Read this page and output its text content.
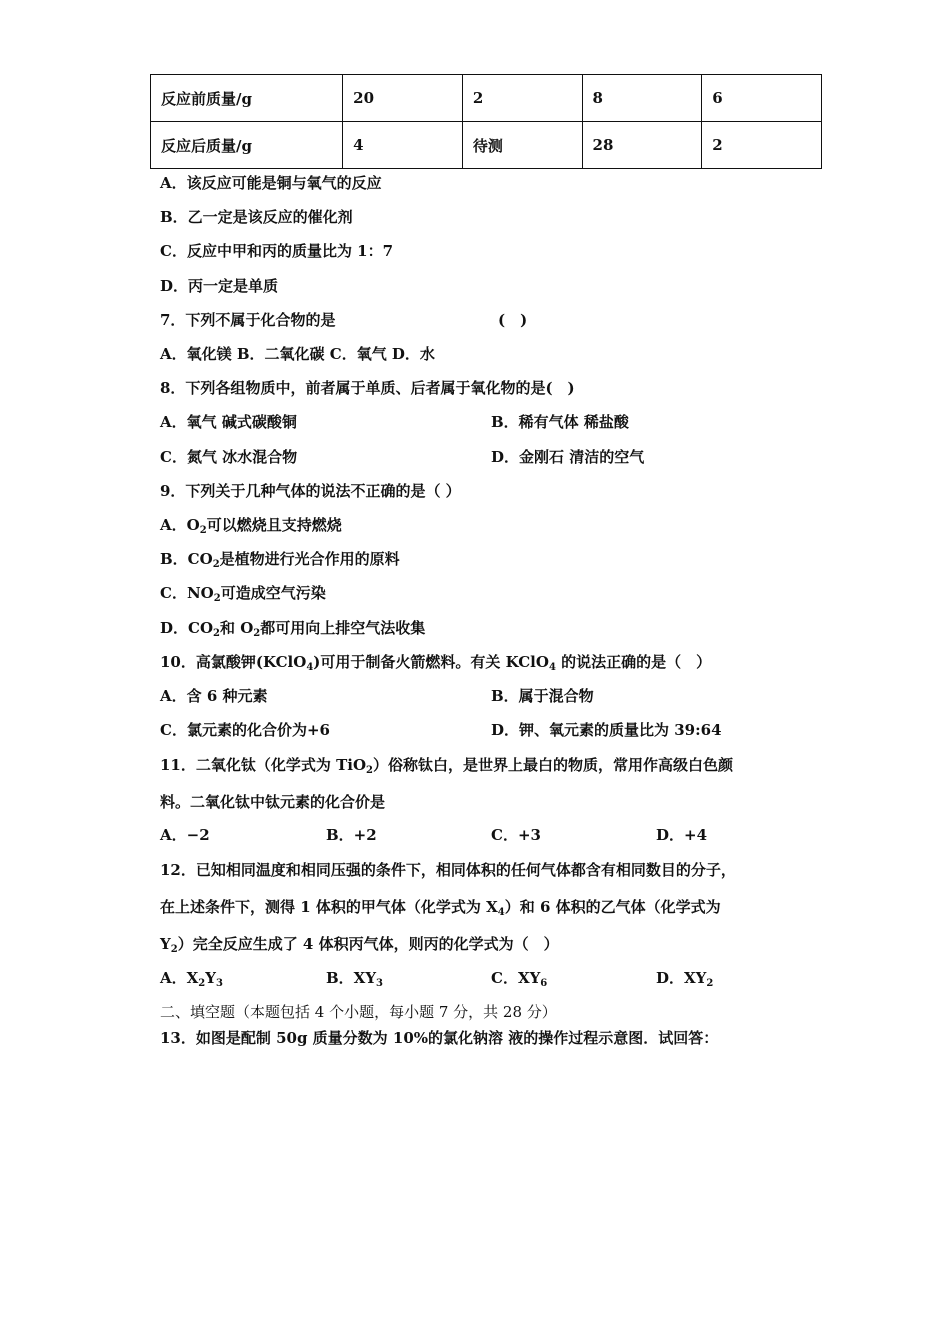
反应前质量/g	20	2	8	6
反应后质量/g	4	待测	28	2
A．该反应可能是铜与氧气的反应
B．乙一定是该反应的催化剂
C．反应中甲和丙的质量比为 1：7
D．丙一定是单质
7．下列不属于化合物的是	(　)
A．氧化镁 B．二氧化碳 C．氧气 D．水
8．下列各组物质中，前者属于单质、后者属于氧化物的是(　)
A．氧气 碱式碳酸铜	B．稀有气体 稀盐酸
C．氮气 冰水混合物	D．金刚石 清洁的空气
9．下列关于几种气体的说法不正确的是（ ）
A．$O_2$可以燃烧且支持燃烧
B．$CO_2$是植物进行光合作用的原料
C．$NO_2$可造成空气污染
D．$CO_2$和 $O_2$都可用向上排空气法收集
10．高氯酸钾(KClO$_4$)可用于制备火箭燃料。有关 KClO$_4$ 的说法正确的是（　）
A．含 6 种元素	B．属于混合物
C．氯元素的化合价为+6	D．钾、氧元素的质量比为 39:64
11．二氧化钛（化学式为 TiO$_2$）俗称钛白，是世界上最白的物质，常用作高级白色颜
料。二氧化钛中钛元素的化合价是
A．−2	B．+2	C．+3	D．+4
12．已知相同温度和相同压强的条件下，相同体积的任何气体都含有相同数目的分子，
在上述条件下，测得 1 体积的甲气体（化学式为 $X_4$）和 6 体积的乙气体（化学式为
$Y_2$）完全反应生成了 4 体积丙气体，则丙的化学式为（　）
A．$X_2Y_3$	B．$XY_3$	C．$XY_6$	D．$XY_2$
二、填空题（本题包括 4 个小题，每小题 7 分，共 28 分）
13．如图是配制 50g 质量分数为 10%的氯化钠溶 液的操作过程示意图．试回答：
